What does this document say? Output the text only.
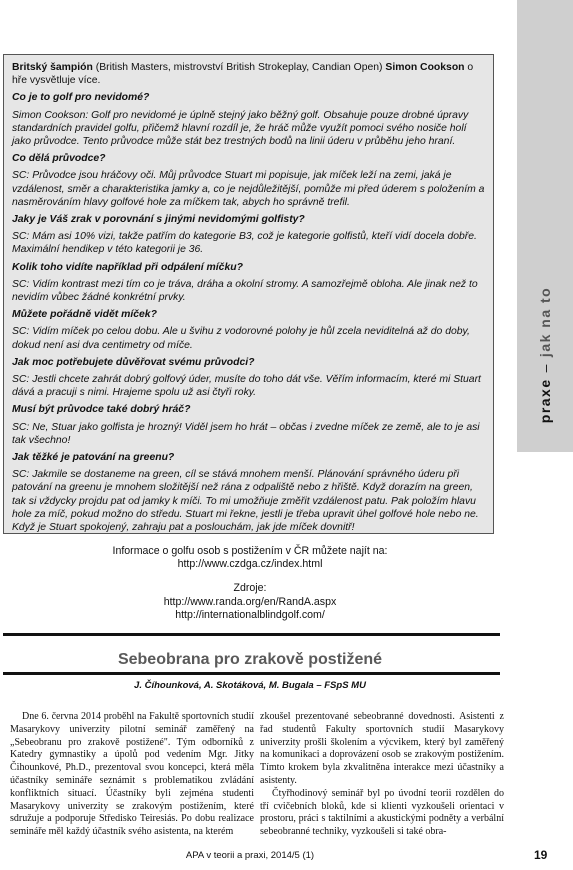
praxe–jak na to

Britský šampión (British Masters, mistrovství British Strokeplay, Candian Open) Simon Cookson o hře vysvětluje více.

Co je to golf pro nevidomé?

Simon Cookson: Golf pro nevidomé je úplně stejný jako běžný golf. Obsahuje pouze drobné úpravy standardních pravidel golfu, přičemž hlavní rozdíl je, že hráč může využít pomoci svého nosiče holí jako průvodce. Tento průvodce může stát bez trestných bodů na linii úderu v průběhu jeho hraní.

Co dělá průvodce?

SC: Průvodce jsou hráčovy oči. Můj průvodce Stuart mi popisuje, jak míček leží na zemi, jaká je vzdálenost, směr a charakteristika jamky a, co je nejdůležitější, pomůže mi před úderem s položením a nasměrováním hlavy golfové hole za míčkem tak, abych ho správně trefil.

Jaky je Váš zrak v porovnání s jinými nevidomými golfisty?

SC: Mám asi 10% vizi, takže patřím do kategorie B3, což je kategorie golfistů, kteří vidí docela dobře. Maximální hendikep v této kategorii je 36.

Kolik toho vidíte například při odpálení míčku?

SC: Vidím kontrast mezi tím co je tráva, dráha a okolní stromy. A samozřejmě obloha. Ale jinak než to nevidím vůbec žádné konkrétní prvky.

Můžete pořádně vidět míček?

SC: Vidím míček po celou dobu. Ale u švihu z vodorovné polohy je hůl zcela neviditelná až do doby, dokud není asi dva centimetry od míče.

Jak moc potřebujete důvěřovat svému průvodci?

SC: Jestli chcete zahrát dobrý golfový úder, musíte do toho dát vše. Věřím informacím, které mi Stuart dává a pracuji s nimi. Hrajeme spolu už asi čtyři roky.

Musí být průvodce také dobrý hráč?

SC: Ne, Stuar jako golfista je hrozný! Viděl jsem ho hrát – občas i zvedne míček ze země, ale to je asi tak všechno!

Jak těžké je patování na greenu?

SC: Jakmile se dostaneme na green, cíl se stává mnohem menší. Plánování správného úderu při patování na greenu je mnohem složitější než rána z odpaliště nebo z hřiště. Když dorazím na green, tak si vždycky projdu pat od jamky k míči. To mi umožňuje změřit vzdálenost patu. Pak položím hlavu hole za míč, pokud možno do středu. Stuart mi řekne, jestli je třeba upravit úhel golfové hole nebo ne. Když je Stuart spokojený, zahraju pat a poslouchám, jak jde míček dovnitř!

Informace o golfu osob s postižením v ČR můžete najít na:
http://www.czdga.cz/index.html
Zdroje:
http://www.randa.org/en/RandA.aspx
http://internationalblindgolf.com/
Sebeobrana pro zrakově postižené
J. Číhounková, A. Skotáková, M. Bugala – FSpS MU

Dne 6. června 2014 proběhl na Fakultě sportovních studií Masarykovy univerzity pilotní seminář zaměřený na „Sebeobranu pro zrakově postižené". Tým odborníků z Katedry gymnastiky a úpolů pod vedením Mgr. Jitky Čihounkové, Ph.D., prezentoval svou koncepci, která měla účastníky semináře seznámit s problematikou zvládání konfliktních situací. Účastníky byli zejména studenti Masarykovy univerzity se zrakovým postižením, které sdružuje a podporuje Středisko Teiresiás. Po dobu realizace semináře měl každý účastník svého asistenta, na kterém

zkoušel prezentované sebeobranné dovednosti. Asistenti z řad studentů Fakulty sportovních studií Masarykovy univerzity prošli školením a výcvikem, který byl zaměřený na komunikaci a doprovázení osob se zrakovým postižením. Tímto krokem byla zkvalitněna interakce mezi účastníky a asistenty.

Čtyřhodinový seminář byl po úvodní teorii rozdělen do tří cvičebních bloků, kde si klienti vyzkoušeli orientaci v prostoru, práci s taktilními a akustickými podněty a verbální sebeobranné techniky, vyzkoušeli si také obra-

APA v teorii a praxi, 2014/5 (1)	19
